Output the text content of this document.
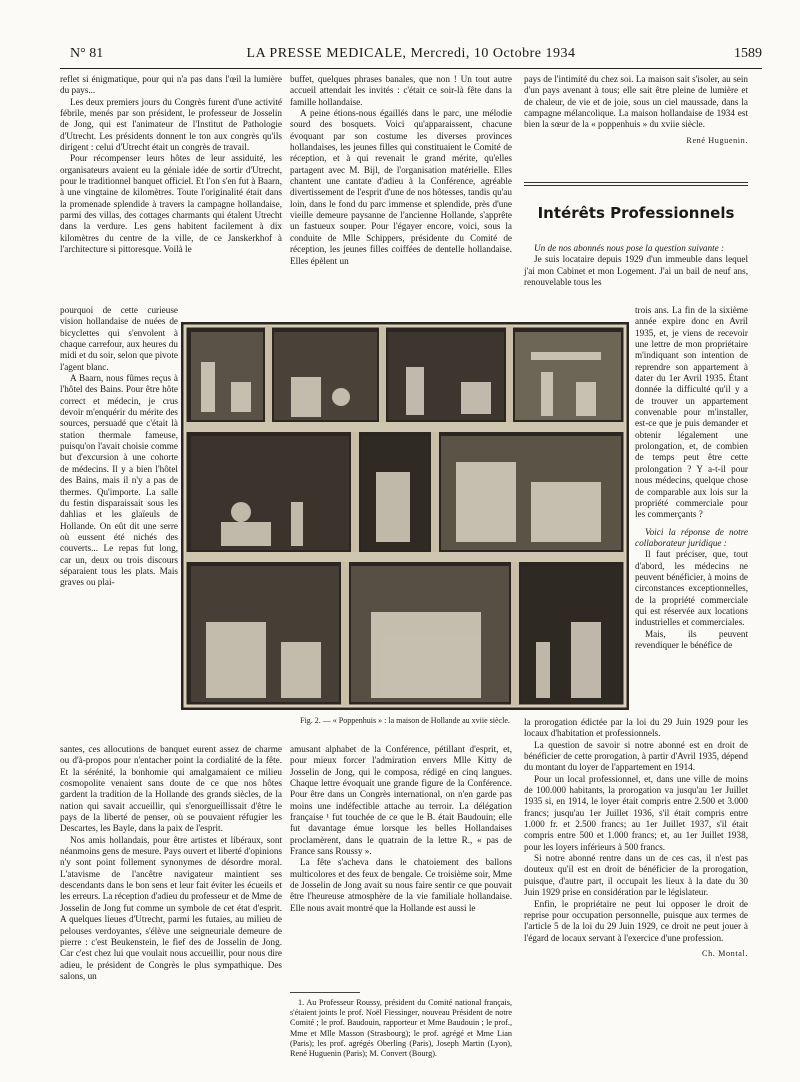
N° 81	LA PRESSE MEDICALE, Mercredi, 10 Octobre 1934	1589

reflet si énigmatique, pour qui n'a pas dans l'œil la lumière du pays...

Les deux premiers jours du Congrès furent d'une activité fébrile, menés par son président, le professeur de Josselin de Jong, qui est l'animateur de l'Institut de Pathologie d'Utrecht. Les présidents donnent le ton aux congrès qu'ils dirigent : celui d'Utrecht était un congrès de travail.

Pour récompenser leurs hôtes de leur assiduité, les organisateurs avaient eu la géniale idée de sortir d'Utrecht, pour le traditionnel banquet officiel. Et l'on s'en fut à Baarn, à une vingtaine de kilomètres. Toute l'originalité était dans la promenade splendide à travers la campagne hollandaise, parmi des villas, des cottages charmants qui étalent Utrecht dans la verdure. Les gens habitent facilement à dix kilomètres du centre de la ville, de ce Janskerkhof à l'architecture si pittoresque. Voilà le

pourquoi de cette curieuse vision hollandaise de nuées de bicyclettes qui s'envolent à chaque carrefour, aux heures du midi et du soir, selon que pivote l'agent blanc.

A Baarn, nous fûmes reçus à l'hôtel des Bains. Pour être hôte correct et médecin, je crus devoir m'enquérir du mérite des sources, persuadé que c'était là station thermale fameuse, puisqu'on l'avait choisie comme but d'excursion à une cohorte de médecins. Il y a bien l'hôtel des Bains, mais il n'y a pas de thermes. Qu'importe. La salle du festin disparaissait sous les dahlias et les glaïeuls de Hollande. On eût dit une serre où eussent été nichés des couverts... Le repas fut long, car un, deux ou trois discours séparaient tous les plats. Mais graves ou plai-

buffet, quelques phrases banales, que non ! Un tout autre accueil attendait les invités : c'était ce soir-là fête dans la famille hollandaise.

A peine étions-nous égaillés dans le parc, une mélodie sourd des bosquets. Voici qu'apparaissent, chacune évoquant par son costume les diverses provinces hollandaises, les jeunes filles qui constituaient le Comité de réception, et à qui revenait le grand mérite, qu'elles partagent avec M. Bijl, de l'organisation matérielle. Elles chantent une cantate d'adieu à la Conférence, agréable divertissement de l'esprit d'une de nos hôtesses, tandis qu'au loin, dans le fond du parc immense et splendide, près d'une vieille demeure paysanne de l'ancienne Hollande, s'apprête un fastueux souper. Pour l'égayer encore, voici, sous la conduite de Mlle Schippers, présidente du Comité de réception, les jeunes filles coiffées de dentelle hollandaise. Elles épèlent un

pays de l'intimité du chez soi. La maison sait s'isoler, au sein d'un pays avenant à tous; elle sait être pleine de lumière et de chaleur, de vie et de joie, sous un ciel maussade, dans la campagne mélancolique. La maison hollandaise de 1934 est bien la sœur de la « poppenhuis » du xviie siècle.

René Huguenin.

Intérêts Professionnels

Un de nos abonnés nous pose la question suivante :

Je suis locataire depuis 1929 d'un immeuble dans lequel j'ai mon Cabinet et mon Logement. J'ai un bail de neuf ans, renouvelable tous les

trois ans. La fin de la sixième année expire donc en Avril 1935, et, je viens de recevoir une lettre de mon propriétaire m'indiquant son intention de reprendre son appartement à dater du 1er Avril 1935. Étant donnée la difficulté qu'il y a de trouver un appartement convenable pour m'installer, est-ce que je puis demander et obtenir légalement une prolongation, et, de combien de temps peut être cette prolongation ? Y a-t-il pour nous médecins, quelque chose de comparable aux lois sur la propriété commerciale pour les commerçants ?

Voici la réponse de notre collaborateur juridique :

Il faut préciser, que, tout d'abord, les médecins ne peuvent bénéficier, à moins de circonstances exceptionnelles, de la propriété commerciale qui est réservée aux locations industrielles et commerciales.

Mais, ils peuvent revendiquer le bénéfice de

Fig. 2. — « Poppenhuis » : la maison de Hollande au xviie siècle.

santes, ces allocutions de banquet eurent assez de charme ou d'à-propos pour n'entacher point la cordialité de la fête. Et la sérénité, la bonhomie qui amalgamaient ce milieu cosmopolite venaient sans doute de ce que nos hôtes gardent la tradition de la Hollande des grands siècles, de la nation qui savait accueillir, qui s'enorgueillissait d'être le pays de la liberté de penser, où se pouvaient réfugier les Descartes, les Bayle, dans la paix de l'esprit.

Nos amis hollandais, pour être artistes et libéraux, sont néanmoins gens de mesure. Pays ouvert et liberté d'opinions n'y sont point follement synonymes de désordre moral. L'atavisme de l'ancêtre navigateur maintient ses descendants dans le bon sens et leur fait éviter les écueils et les erreurs. La réception d'adieu du professeur et de Mme de Josselin de Jong fut comme un symbole de cet état d'esprit. A quelques lieues d'Utrecht, parmi les futaies, au milieu de pelouses verdoyantes, s'élève une seigneuriale demeure de pierre : c'est Beukenstein, le fief des de Josselin de Jong. Car c'est chez lui que voulait nous accueillir, pour nous dire adieu, le président de Congrès le plus sympathique. Des salons, un

amusant alphabet de la Conférence, pétillant d'esprit, et, pour mieux forcer l'admiration envers Mlle Kitty de Josselin de Jong, qui le composa, rédigé en cinq langues. Chaque lettre évoquait une grande figure de la Conférence. Pour être dans un Congrès international, on n'en garde pas moins une indéfectible attache au terroir. La délégation française ¹ fut touchée de ce que le B. était Baudouin; elle fut davantage émue lorsque les belles Hollandaises proclamèrent, dans le quatrain de la lettre R., « pas de France sans Roussy ».

La fête s'acheva dans le chatoiement des ballons multicolores et des feux de bengale. Ce troisième soir, Mme de Josselin de Jong avait su nous faire sentir ce que pouvait être l'heureuse atmosphère de la vie familiale hollandaise. Elle nous avait montré que la Hollande est aussi le

1. Au Professeur Roussy, président du Comité national français, s'étaient joints le prof. Noël Fiessinger, nouveau Président de notre Comité ; le prof. Baudouin, rapporteur et Mme Baudouin ; le prof., Mme et Mlle Masson (Strasbourg); le prof. agrégé et Mme Lian (Paris); les prof. agrégés Oberling (Paris), Joseph Martin (Lyon), René Huguenin (Paris); M. Convert (Bourg).

la prorogation édictée par la loi du 29 Juin 1929 pour les locaux d'habitation et professionnels.

La question de savoir si notre abonné est en droit de bénéficier de cette prorogation, à partir d'Avril 1935, dépend du montant du loyer de l'appartement en 1914.

Pour un local professionnel, et, dans une ville de moins de 100.000 habitants, la prorogation va jusqu'au 1er Juillet 1935 si, en 1914, le loyer était compris entre 2.500 et 3.000 francs; jusqu'au 1er Juillet 1936, s'il était compris entre 1.000 fr. et 2.500 francs; au 1er Juillet 1937, s'il était compris entre 500 et 1.000 francs; et, au 1er Juillet 1938, pour les loyers inférieurs à 500 francs.

Si notre abonné rentre dans un de ces cas, il n'est pas douteux qu'il est en droit de bénéficier de la prorogation, puisque, d'autre part, il occupait les lieux à la date du 30 Juin 1929 prise en considération par le législateur.

Enfin, le propriétaire ne peut lui opposer le droit de reprise pour occupation personnelle, puisque aux termes de l'article 5 de la loi du 29 Juin 1929, ce droit ne peut jouer à l'égard de locaux servant à l'exercice d'une profession.

Ch. Montal.
